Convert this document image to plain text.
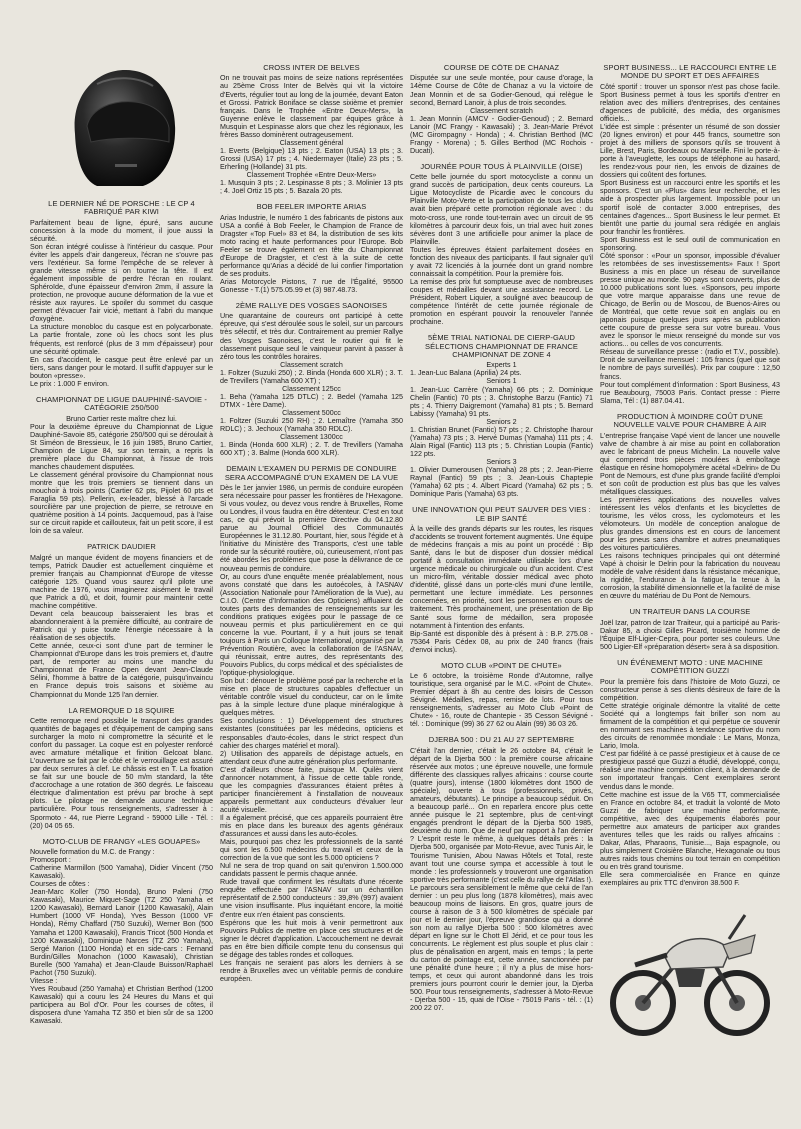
LE DERNIER NÉ DE PORSCHE : LE CP 4 FABRIQUÉ PAR KIWI

Parfaitement beau de ligne, épuré, sans aucune concession à la mode du moment, il joue aussi la sécurité.

Son écran intégré coulisse à l'intérieur du casque. Pour éviter les appels d'air dangereux, l'écran ne s'ouvre pas vers l'extérieur. Sa forme l'empêche de se relever à grande vitesse même si on tourne la tête. Il est également impossible de perdre l'écran en roulant. Sphéroïde, d'une épaisseur d'environ 2mm, il assure la protection, ne provoque aucune déformation de la vue et résiste aux rayures. Le spoiler du sommet du casque permet d'évacuer l'air vicié, mettant à l'abri du manque d'oxygène.

La structure monobloc du casque est en polycarbonate. La partie frontale, zone où les chocs sont les plus fréquents, est renforcé (plus de 3 mm d'épaisseur) pour une sécurité optimale.

En cas d'accident, le casque peut être enlevé par un tiers, sans danger pour le motard. Il suffit d'appuyer sur le bouton «presse».

Le prix : 1.000 F environ.

CHAMPIONNAT DE LIGUE DAUPHINÉ-SAVOIE - CATÉGORIE 250/500

Bruno Cartier reste maître chez lui.

Pour la deuxième épreuve du Championnat de Ligue Dauphiné-Savoie 85, catégorie 250/500 qui se déroulait à St Siméon de Bressieux, le 16 juin 1985, Bruno Cartier, Champion de Ligue 84, sur son terrain, a repris la première place du Championnat, à l'issue de trois manches chaudement disputées.

Le classement général provisoire du Championnat nous montre que les trois premiers se tiennent dans un mouchoir à trois points (Cartier 62 pts, Pijolet 60 pts et Faraglia 59 pts). Pellerin, ex-leader, blessé à l'arcade sourcilière par une projection de pierre, se retrouve en quatrième position à 14 points. Jacquemoud, pas à l'aise sur ce circuit rapide et caillouteux, fait un petit score, il est loin de sa valeur.

PATRICK DAUDIER

Malgré un manque évident de moyens financiers et de temps, Patrick Daudier est actuellement cinquième et premier français au Championnat d'Europe de vitesse catégorie 125. Quand vous saurez qu'il pilote une machine de 1976, vous imaginerez aisément le travail que Patrick a dû, et doit, fournir pour maintenir cette machine compétitive.

Devant cela beaucoup baisseraient les bras et abandonneraient à la première difficulté, au contraire de Patrick qui y puise toute l'énergie nécessaire à la réalisation de ses objectifs.

Cette année, ceux-ci sont d'une part de terminer le Championnat d'Europe dans les trois premiers et, d'autre part, de remporter au moins une manche du Championnat de France Open devant Jean-Claude Sélini, l'homme à battre de la catégorie, puisqu'invaincu en France depuis trois saisons et sixième au Championnat du Monde 125 l'an dernier.

LA REMORQUE D 18 SQUIRE

Cette remorque rend possible le transport des grandes quantités de bagages et d'équipement de camping sans surcharger la moto ni compromettre la sécurité et le confort du passager. La coque est en polyester renforcé avec armature métallique et finition Gelcoat blanc. L'ouverture se fait par le côté et le verrouillage est assuré par deux serrures à clef. Le châssis est en T. La fixation se fait sur une boucle de 50 m/m standard, la tête d'accrochage a une rotation de 360 degrés. Le faisceau électrique d'alimentation est prévu par broche à sept plots. Le pilotage ne demande aucune technique particulière. Pour tous renseignements, s'adresser à : Spormoto - 44, rue Pierre Legrand - 59000 Lille - Tél. : (20) 04 05 65.

MOTO-CLUB DE FRANGY «LES GOUAPES»

Nouvelle formation du M.C. de Frangy :

Promosport :

Catherine Marmillon (500 Yamaha), Didier Vincent (750 Kawasaki).

Courses de côtes :

Jean-Marc Koller (750 Honda), Bruno Paleni (750 Kawasaki), Maurice Miquet-Sage (TZ 250 Yamaha et 1200 Kawasaki), Bernard Lanoir (1200 Kawasaki), Alain Humbert (1000 VF Honda), Yves Besson (1000 VF Honda), Rémy Chaffard (750 Suzuki), Werner Bon (500 Yamaha et 1200 Kawasaki), Francis Tricot (500 Honda et 1200 Kawasaki), Dominique Narces (TZ 250 Yamaha), Sergé Marion (1100 Honda) et en side-cars : Fernand Burdin/Gilles Monachon (1000 Kawasaki), Christian Burelle (500 Yamaha) et Jean-Claude Buisson/Raphaël Pachot (750 Suzuki).

Vitesse :

Yves Roubaud (250 Yamaha) et Christian Berthod (1200 Kawasaki) qui a couru les 24 Heures du Mans et qui participera au Bol d'Or. Pour les courses de côtes, il disposera d'une Yamaha TZ 350 et bien sûr de sa 1200 Kawasaki.

CROSS INTER DE BELVES

On ne trouvait pas moins de seize nations représentées au 25ème Cross Inter de Belvès qui vit la victoire d'Everts, régulier tout au long de la journée, devant Eaton et Grossi. Patrick Boniface se classe sixième et premier français. Dans le Trophée «Entre Deux-Mers», la Guyenne enlève le classement par équipes grâce à Musquin et Lespinasse alors que chez les régionaux, les frères Basso dominèrent outrageusement.

Classement général

1. Everts (Belgique) 13 pts ; 2. Eaton (USA) 13 pts ; 3. Grossi (USA) 17 pts ; 4. Niedermayer (Italie) 23 pts ; 5. Erherling (Hollande) 31 pts.

Classement Trophée «Entre Deux-Mers»

1. Musquin 3 pts ; 2. Lespinasse 8 pts ; 3. Molinier 13 pts ; 4. Joël Ortiz 15 pts ; 5. Bazala 20 pts.

BOB FEELER IMPORTE ARIAS

Arias Industrie, le numéro 1 des fabricants de pistons aux USA a confié à Bob Feeler, le Champion de France de Dragster «Top Fuel» 83 et 84, la distribution de ses kits moto racing et haute performances pour l'Europe. Bob Feeler se trouve également en tête du Championnat d'Europe de Dragster, et c'est à la suite de cette performance qu'Arias a décidé de lui confier l'importation de ses produits.

Arias Motorcycle Pistons, 7 rue de l'Égalité, 95500 Gonesse - T.(1) 575.05.99 et (3) 987.48.73.

2ÈME RALLYE DES VOSGES SAONOISES

Une quarantaine de coureurs ont participé à cette épreuve, qui s'est déroulée sous le soleil, sur un parcours très sélectif, et très dur. Contrairement au premier Rallye des Vosges Saonoises, c'est le routier qui fit le classement puisque seul le vainqueur parvint à passer à zéro tous les contrôles horaires.

Classement scratch

1. Foltzer (Suzuki 250) ; 2. Binda (Honda 600 XLR) ; 3. T. de Trevillers (Yamaha 600 XT) ;

Classement 125cc

1. Beha (Yamaha 125 DTLC) ; 2. Bedel (Yamaha 125 DTMX - 1ère Dame).

Classement 500cc

1. Foltzer (Suzuki 250 RH) ; 2. Lemaître (Yamaha 350 RDLC) ; 3. Jechoux (Yamaha 350 RDLC).

Classement 1300cc

1. Binda (Honda 600 XLR) ; 2. T. de Trevillers (Yamaha 600 XT) ; 3. Balme (Honda 600 XLR).

DEMAIN L'EXAMEN DU PERMIS DE CONDUIRE SERA ACCOMPAGNÉ D'UN EXAMEN DE LA VUE

Dès le 1er janvier 1986, un permis de conduire européen sera nécessaire pour passer les frontières de l'Hexagone. Si vous voulez, ou devez vous rendre à Bruxelles, Rome ou Londres, il vous faudra en être détenteur. C'est en tout cas, ce qui prévoit la première Directive du 04.12.80 parue au Journal Officiel des Communautés Européennes le 31.12.80. Pourtant, hier, sous l'égide et à l'initiative du Ministère des Transports, c'est une table ronde sur la sécurité routière, où, curieusement, n'ont pas été abordés les problèmes que pose la délivrance de ce nouveau permis de conduire.

Or, au cours d'une enquête menée préalablement, nous avons constaté que dans les autoécoles, à l'ASNAV (Association Nationale pour l'Amélioration de la Vue), au C.I.O. (Centre d'Information des Opticiens) affluaient de toutes parts des demandes de renseignements sur les conditions pratiques exigées pour le passage de ce nouveau permis et plus particulièrement en ce qui concerne la vue. Pourtant, il y a huit jours se tenait toujours à Paris un Colloque International, organisé par la Prévention Routière, avec la collaboration de l'ASNAV, qui réunissait, entre autres, des représentants des Pouvoirs Publics, du corps médical et des spécialistes de l'optique-physiologique.

Son but : dénouer le problème posé par la recherche et la mise en place de structures capables d'effectuer un véritable contrôle visuel du conducteur, car on le limite pas à la simple lecture d'une plaque minéralogique à quelques mètres.

Ses conclusions : 1) Développement des structures existantes (constituées par les médecins, opticiens et responsables d'auto-écoles, dans le strict respect d'un cahier des charges matériel et moral).

2) Utilisation des appareils de dépistage actuels, en attendant ceux d'une autre génération plus performante.

C'est d'ailleurs chose faite, puisque M. Quilès vient d'annoncer notamment, à l'issue de cette table ronde, que les compagnies d'assurances étaient prêtes à participer financièrement à l'installation de nouveaux appareils permettant aux conducteurs d'évaluer leur acuité visuelle.

Il a également précisé, que ces appareils pourraient être mis en place dans les bureaux des agents généraux d'assurances et aussi dans les auto-écoles.

Mais, pourquoi pas chez les professionnels de la santé qui sont les 6.500 médecins du travail et ceux de la correction de la vue que sont les 5.000 opticiens ?

Nul ne sera de trop quand on sait qu'environ 1.500.000 candidats passent le permis chaque année.

Rude travail que confirment les résultats d'une récente enquête effectuée par l'ASNAV sur un échantillon représentatif de 2.500 conducteurs : 39,8% (997) avaient une vision insuffisante. Plus inquiétant encore, la moitié d'entre eux n'en étaient pas conscients.

Espérons que les huit mois à venir permettront aux Pouvoirs Publics de mettre en place ces structures et de signer le décret d'application. L'accouchement ne devrait pas en être bien difficile compte tenu du consensus qui se dégage des tables rondes et colloques.

Les français ne seraient pas alors les derniers à se rendre à Bruxelles avec un véritable permis de conduire européen.

COURSE DE CÔTE DE CHANAZ

Disputée sur une seule montée, pour cause d'orage, la 14ème Course de Côte de Chanaz a vu la victoire de Jean Monnin et de sa Godier-Genoud, qui relègue le second, Bernard Lanoir, à plus de trois secondes.

Classement scratch

1. Jean Monnin (AMCV - Godier-Genoud) ; 2. Bernard Lanoir (MC Frangy - Kawasaki) ; 3. Jean-Marie Prévot (MC Girompagny - Honda) ; 4. Christian Berthod (MC Frangy - Morena) ; 5. Gilles Berthod (MC Rochois - Ducati).

JOURNÉE POUR TOUS À PLAINVILLE (OISE)

Cette belle journée du sport motocycliste a connu un grand succès de participation, deux cents coureurs. La Ligue Motocycliste de Picardie avec le concours du Plainville Moto-Verte et la participation de tous les clubs avait bien préparé cette promotion régionale avec : du moto-cross, une ronde tout-terrain avec un circuit de 95 kilomètres à parcourir deux fois, un trial avec huit zones sévères dont 3 une artificielle pour animer la place de Plainville.

Toutes les épreuves étaient parfaitement dosées en fonction des niveaux des participants. Il faut signaler qu'il y avait 72 licenciés à la journée dont un grand nombre connaissait la compétition. Pour la première fois.

La remise des prix fut somptueuse avec de nombreuses coupes et médailles devant une assistance record. Le Président, Robert Liquier, a souligné avec beaucoup de compétence l'intérêt de cette journée régionale de promotion en espérant pouvoir la renouveler l'année prochaine.

5ÈME TRIAL NATIONAL DE CIERP-GAUD SÉLECTIONS CHAMPIONNAT DE FRANCE CHAMPIONNAT DE ZONE 4

Experts 1

1. Jean-Luc Balana (Aprilia) 24 pts.

Seniors 1

1. Jean-Luc Carrère (Yamaha) 66 pts ; 2. Dominique Chelin (Fantic) 70 pts ; 3. Christophe Barzu (Fantic) 71 pts ; 4. Thierry Daigremont (Yamaha) 81 pts ; 5. Bernard Labissy (Yamaha) 91 pts.

Seniors 2

1. Christian Brunet (Fantic) 57 pts ; 2. Christophe Iharour (Yamaha) 73 pts ; 3. Hervé Dumas (Yamaha) 111 pts ; 4. Alain Rigal (Fantic) 113 pts ; 5. Christian Loupia (Fantic) 122 pts.

Seniors 3

1. Olivier Dumerousen (Yamaha) 28 pts ; 2. Jean-Pierre Raynal (Fantic) 59 pts ; 3. Jean-Louis Chaptepie (Yamaha) 62 pts ; 4. Albert Picard (Yamaha) 62 pts ; 5. Dominique Paris (Yamaha) 63 pts.

UNE INNOVATION QUI PEUT SAUVER DES VIES : LE BIP SANTÉ

À la veille des grands départs sur les routes, les risques d'accidents se trouvent fortement augmentés. Une équipe de médecins français a mis au point un procédé : Bip Santé, dans le but de disposer d'un dossier médical portatif à consultation immédiate utilisable lors d'une urgence médicale ou chirurgicale ou d'un accident. C'est un micro-film, véritable dossier médical avec photo d'identité, glissé dans un porte-clés muni d'une lentille, permettant une lecture immédiate. Les personnes concernées, en priorité, sont les personnes en cours de traitement. Très prochainement, une présentation de Bip Santé sous forme de médaillon, sera proposée notamment à l'intention des enfants.

Bip-Santé est disponible dès à présent à : B.P. 275.08 - 75364 Paris Cédex 08, au prix de 240 francs (frais d'envoi inclus).

MOTO CLUB «POINT DE CHUTE»

Le 6 octobre, la troisième Ronde d'Automne, rallye touristique, sera organisé par le M.C. «Point de Chute». Premier départ à 8h au centre des loisirs de Cesson Sévigné. Médailles, repas, remise de lots. Pour tous renseignements, s'adresser au Moto Club «Point de Chute» - 16, route de Chantepie - 35 Cesson Sévigné - tél. : Dominique (99) 36 27 62 ou Alain (99) 36 03 26.

DJERBA 500 : DU 21 AU 27 SEPTEMBRE

C'était l'an dernier, c'était le 26 octobre 84, c'était le départ de la Djerba 500 : la première course africaine réservée aux motos ; une épreuve nouvelle, une formule différente des classiques rallyes africains : course courte (quatre jours), intense (1800 kilomètres dont 1500 de spéciale), ouverte à tous (professionnels, privés, amateurs, débutants). Le principe a beaucoup séduit. On a beaucoup parlé... On en reparlera encore plus cette année puisque le 21 septembre, plus de cent-vingt engagés prendront le départ de la Djerba 500 1985, deuxième du nom. Que de neuf par rapport à l'an dernier ? L'esprit reste le même, à quelques détails près : la Djerba 500, organisée par Moto-Revue, avec Tunis Air, le Tourisme Tunisien, Abou Nawas Hôtels et Total, reste avant tout une course sympa et accessible à tout le monde : les professionnels y trouveront une organisation sportive très performante (c'est celle du rallye de l'Atlas !). Le parcours sera sensiblement le même que celui de l'an dernier : un peu plus long (1878 kilomètres), mais avec beaucoup moins de liaisons. En gros, quatre jours de course à raison de 3 à 500 kilomètres de spéciale par jour et le dernier jour, l'épreuve grandiose qui a donné son nom au rallye Djerba 500 : 500 kilomètres avec départ en ligne sur le Chott El Jérid, et ce pour tous les concurrents. Le règlement est plus souple et plus clair : plus de pénalisation en argent, mais en temps ; la perte du carton de pointage est, cette année, sanctionnée par une pénalité d'une heure ; il n'y a plus de mise hors-temps, et ceux qui auront abandonné dans les trois premiers jours pourront courir le dernier jour, la Djerba 500. Pour tous renseignements, s'adresser à Moto-Revue - Djerba 500 - 15, quai de l'Oise - 75019 Paris - tél. : (1) 200 22 07.

SPORT BUSINESS... LE RACCOURCI ENTRE LE MONDE DU SPORT ET DES AFFAIRES

Côté sportif : trouver un sponsor n'est pas chose facile. Sport Business permet à tous les sportifs d'entrer en relation avec des milliers d'entreprises, des centaines d'agences de publicité, des média, des organismes officiels...

L'idée est simple : présenter un résumé de son dossier (20 lignes environ) et pour 445 francs, soumettre son projet à des milliers de sponsors qu'ils se trouvent à Lille, Brest, Paris, Bordeaux ou Marseille. Fini le porte-à-porte à l'aveuglette, les coups de téléphone au hasard, les rendez-vous pour rien, les envois de dizaines de dossiers qui coûtent des fortunes.

Sport Business est un raccourci entre les sportifs et les sponsors. C'est un «Plus» dans leur recherche, et les aide à prospecter plus largement. Impossible pour un sportif isolé de contacter 3.000 entreprises, des centaines d'agences... Sport Business le leur permet. Et bientôt une partie du journal sera rédigée en anglais pour franchir les frontières.

Sport Business est le seul outil de communication en sponsoring.

Côté sponsor : «Pour un sponsor, impossible d'évaluer les retombées de ses investissements» Faux ! Sport Business a mis en place un réseau de surveillance presse unique au monde. 90 pays sont couverts, plus de 10.000 publications sont lues. «Sponsors, peu importe que votre marque apparaisse dans une revue de Chicago, de Berlin ou de Moscou, de Buenos-Aires ou de Montréal, que cette revue soit en anglais ou en japonais puisque quelques jours après sa publication cette coupure de presse sera sur votre bureau. Vous avez le sponsor le mieux renseigné du monde sur vos actions... ou celles de vos concurrents.

Réseau de surveillance presse : (radio et T.V., possible). Droit de surveillance mensuel : 105 francs (quel que soit le nombre de pays surveillés). Prix par coupure : 12,50 francs.

Pour tout complément d'information : Sport Business, 43 rue Beaubourg, 75003 Paris. Contact presse : Pierre Slama, Tél : (1) 887.04.41.

PRODUCTION À MOINDRE COÛT D'UNE NOUVELLE VALVE POUR CHAMBRE À AIR

L'entreprise française Vapé vient de lancer une nouvelle valve de chambre à air mise au point en collaboration avec le fabricant de pneus Michelin. La nouvelle valve qui comprend trois pièces moulées à emboîtage élastique en résine homopolymère acétal «Delrin» de Du Pont de Nemours, est d'une plus grande facilité d'emploi et son coût de production est plus bas que les valves métalliques classiques.

Les premières applications des nouvelles valves intéressent les vélos d'enfants et les bicyclettes de tourisme, les vélos cross, les cyclomoteurs et les vélomoteurs. Un modèle de conception analogue de plus grandes dimensions est en cours de lancement pour les pneus sans chambre et autres pneumatiques des voitures particulières.

Les raisons techniques principales qui ont déterminé Vapé à choisir le Delrin pour la fabrication du nouveau modèle de valve résident dans la résistance mécanique, la rigidité, l'endurance à la fatigue, la tenue à la corrosion, la stabilité dimensionnelle et la facilité de mise en œuvre du matériau de Du Pont de Nemours.

UN TRAITEUR DANS LA COURSE

Joël Izar, patron de Izar Traiteur, qui a participé au Paris-Dakar 85, a choisi Gilles Picard, troisième homme de l'Équipe Elf-Ligier-Cepra, pour porter ses couleurs. Une 500 Ligier-Elf «préparation désert» sera à sa disposition.

UN ÉVÉNEMENT MOTO : UNE MACHINE COMPÉTITION GUZZI

Pour la première fois dans l'histoire de Moto Guzzi, ce constructeur pense à ses clients désireux de faire de la compétition.

Cette stratégie originale démontre la vitalité de cette Société qui a longtemps fait briller son nom au firmament de la compétition et qui perpétue ce souvenir en nommant ses machines à tendance sportive du nom des circuits de renommée mondiale : Le Mans, Monza, Lario, Imola.

C'est par fidélité à ce passé prestigieux et à cause de ce prestigieux passé que Guzzi a étudié, développé, conçu, réalisé une machine compétition client, à la demande de son importateur français. Cent exemplaires seront vendus dans le monde.

Cette machine est issue de la V65 TT, commercialisée en France en octobre 84, et traduit la volonté de Moto Guzzi de fabriquer une machine performante, compétitive, avec des équipements élaborés pour permettre aux amateurs de participer aux grandes aventures telles que les raids ou rallyes africains : Dakar, Atlas, Pharaons, Tunisie..., Baja espagnole, ou plus simplement Croisière Blanche, Hexagonale ou tous autres raids tous chemins ou tout terrain en compétition ou en très grand tourisme.

Elle sera commercialisée en France en quinze exemplaires au prix TTC d'environ 38.500 F.
